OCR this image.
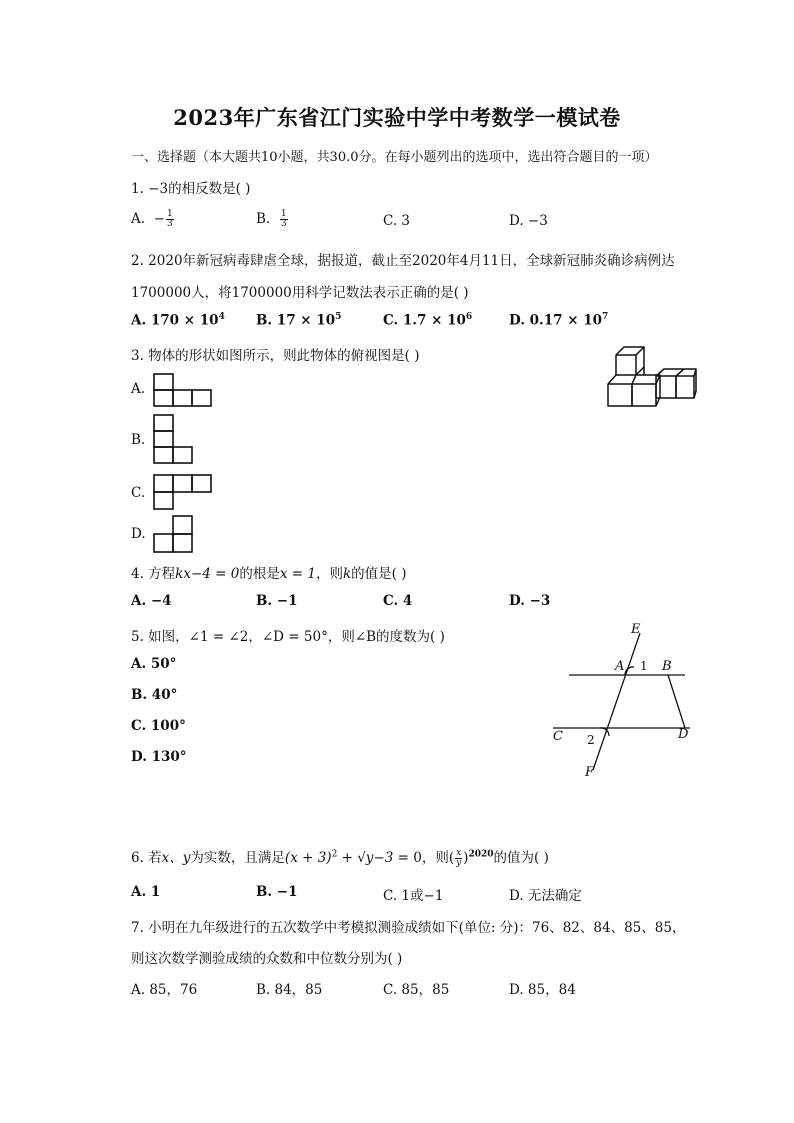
2023年广东省江门实验中学中考数学一模试卷
一、选择题（本大题共10小题，共30.0分。在每小题列出的选项中，选出符合题目的一项）
1. −3的相反数是( )
A. − $\frac{1}{3}$	B. $\frac{1}{3}$	C. 3	D. −3
2. 2020年新冠病毒肆虐全球，据报道，截止至2020年4月11日，全球新冠肺炎确诊病例达
1700000人，将1700000用科学记数法表示正确的是( )
A. $170 \times 10^4$ B. $17 \times 10^5$	C. $1.7 \times 10^6$	D. $0.17 \times 10^7$
3. 物体的形状如图所示，则此物体的俯视图是( )
A.
B.
C.
D.
4. 方程kx−4 = 0的根是x = 1，则k的值是( )
A. −4	B. −1	C. 4	D. −3
5. 如图，∠1 = ∠2，∠D = 50°，则∠B的度数为( )
A. 50°
B. 40°
C. 100°
D. 130°
E
A	B
C	D
F
1
2
6. 若x、y为实数，且满足$(x + 3)^2 + √y-3 = 0$，则( $\frac{x}{y} )^{2020}$的值为( )
A. 1	B. −1	C. 1或−1	D. 无法确定
7. 小明在九年级进行的五次数学中考模拟测验成绩如下(单位: 分)：76、82、84、85、85，
则这次数学测验成绩的众数和中位数分别为( )
A. 85，76	B. 84，85	C. 85，85	D. 85，84
